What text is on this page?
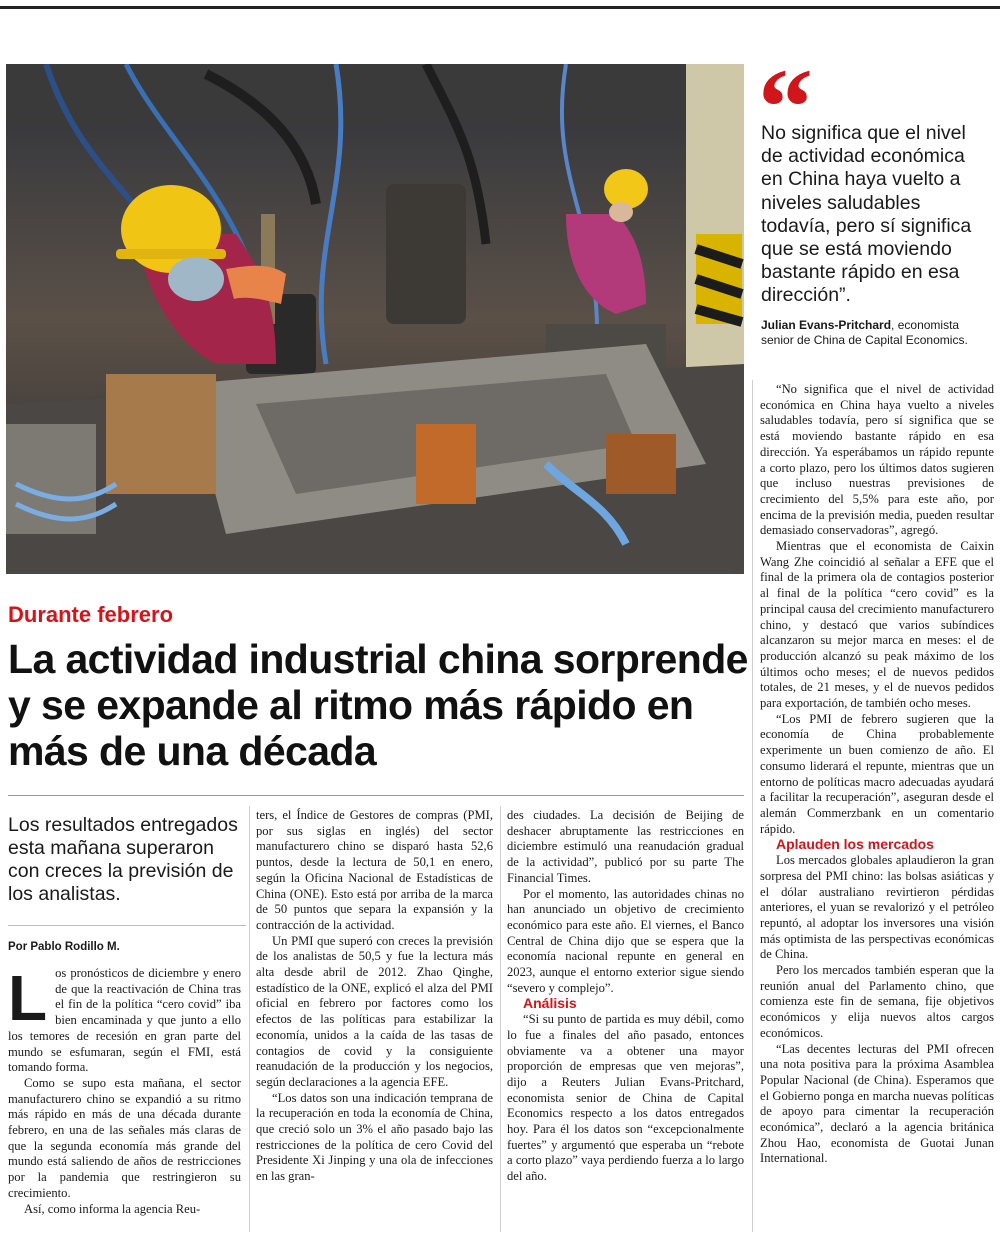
Durante febrero

La actividad industrial china sorprende y se expande al ritmo más rápido en más de una década

Los resultados entregados esta mañana superaron con creces la previsión de los analistas.

Por Pablo Rodillo M.

Los pronósticos de diciembre y enero de que la reactivación de China tras el fin de la política “cero covid” iba bien encaminada y que junto a ello los temores de recesión en gran parte del mundo se esfumaran, según el FMI, está tomando forma.

Como se supo esta mañana, el sector manufacturero chino se expandió a su ritmo más rápido en más de una década durante febrero, en una de las señales más claras de que la segunda economía más grande del mundo está saliendo de años de restricciones por la pandemia que restringieron su crecimiento.

Así, como informa la agencia Reu-

ters, el Índice de Gestores de compras (PMI, por sus siglas en inglés) del sector manufacturero chino se disparó hasta 52,6 puntos, desde la lectura de 50,1 en enero, según la Oficina Nacional de Estadísticas de China (ONE). Esto está por arriba de la marca de 50 puntos que separa la expansión y la contracción de la actividad.

Un PMI que superó con creces la previsión de los analistas de 50,5 y fue la lectura más alta desde abril de 2012. Zhao Qinghe, estadístico de la ONE, explicó el alza del PMI oficial en febrero por factores como los efectos de las políticas para estabilizar la economía, unidos a la caída de las tasas de contagios de covid y la consiguiente reanudación de la producción y los negocios, según declaraciones a la agencia EFE.

“Los datos son una indicación temprana de la recuperación en toda la economía de China, que creció solo un 3% el año pasado bajo las restricciones de la política de cero Covid del Presidente Xi Jinping y una ola de infecciones en las gran-

des ciudades. La decisión de Beijing de deshacer abruptamente las restricciones en diciembre estimuló una reanudación gradual de la actividad”, publicó por su parte The Financial Times.

Por el momento, las autoridades chinas no han anunciado un objetivo de crecimiento económico para este año. El viernes, el Banco Central de China dijo que se espera que la economía nacional repunte en general en 2023, aunque el entorno exterior sigue siendo “severo y complejo”.

Análisis

“Si su punto de partida es muy débil, como lo fue a finales del año pasado, entonces obviamente va a obtener una mayor proporción de empresas que ven mejoras”, dijo a Reuters Julian Evans-Pritchard, economista senior de China de Capital Economics respecto a los datos entregados hoy. Para él los datos son “excepcionalmente fuertes” y argumentó que esperaba un “rebote a corto plazo” vaya perdiendo fuerza a lo largo del año.

“

No significa que el nivel de actividad económica en China haya vuelto a niveles saludables todavía, pero sí significa que se está moviendo bastante rápido en esa dirección”.

Julian Evans-Pritchard, economista senior de China de Capital Economics.

“No significa que el nivel de actividad económica en China haya vuelto a niveles saludables todavía, pero sí significa que se está moviendo bastante rápido en esa dirección. Ya esperábamos un rápido repunte a corto plazo, pero los últimos datos sugieren que incluso nuestras previsiones de crecimiento del 5,5% para este año, por encima de la previsión media, pueden resultar demasiado conservadoras”, agregó.

Mientras que el economista de Caixin Wang Zhe coincidió al señalar a EFE que el final de la primera ola de contagios posterior al final de la política “cero covid” es la principal causa del crecimiento manufacturero chino, y destacó que varios subíndices alcanzaron su mejor marca en meses: el de producción alcanzó su peak máximo de los últimos ocho meses; el de nuevos pedidos totales, de 21 meses, y el de nuevos pedidos para exportación, de también ocho meses.

“Los PMI de febrero sugieren que la economía de China probablemente experimente un buen comienzo de año. El consumo liderará el repunte, mientras que un entorno de políticas macro adecuadas ayudará a facilitar la recuperación”, aseguran desde el alemán Commerzbank en un comentario rápido.

Aplauden los mercados

Los mercados globales aplaudieron la gran sorpresa del PMI chino: las bolsas asiáticas y el dólar australiano revirtieron pérdidas anteriores, el yuan se revalorizó y el petróleo repuntó, al adoptar los inversores una visión más optimista de las perspectivas económicas de China.

Pero los mercados también esperan que la reunión anual del Parlamento chino, que comienza este fin de semana, fije objetivos económicos y elija nuevos altos cargos económicos.

“Las decentes lecturas del PMI ofrecen una nota positiva para la próxima Asamblea Popular Nacional (de China). Esperamos que el Gobierno ponga en marcha nuevas políticas de apoyo para cimentar la recuperación económica”, declaró a la agencia británica Zhou Hao, economista de Guotai Junan International.
